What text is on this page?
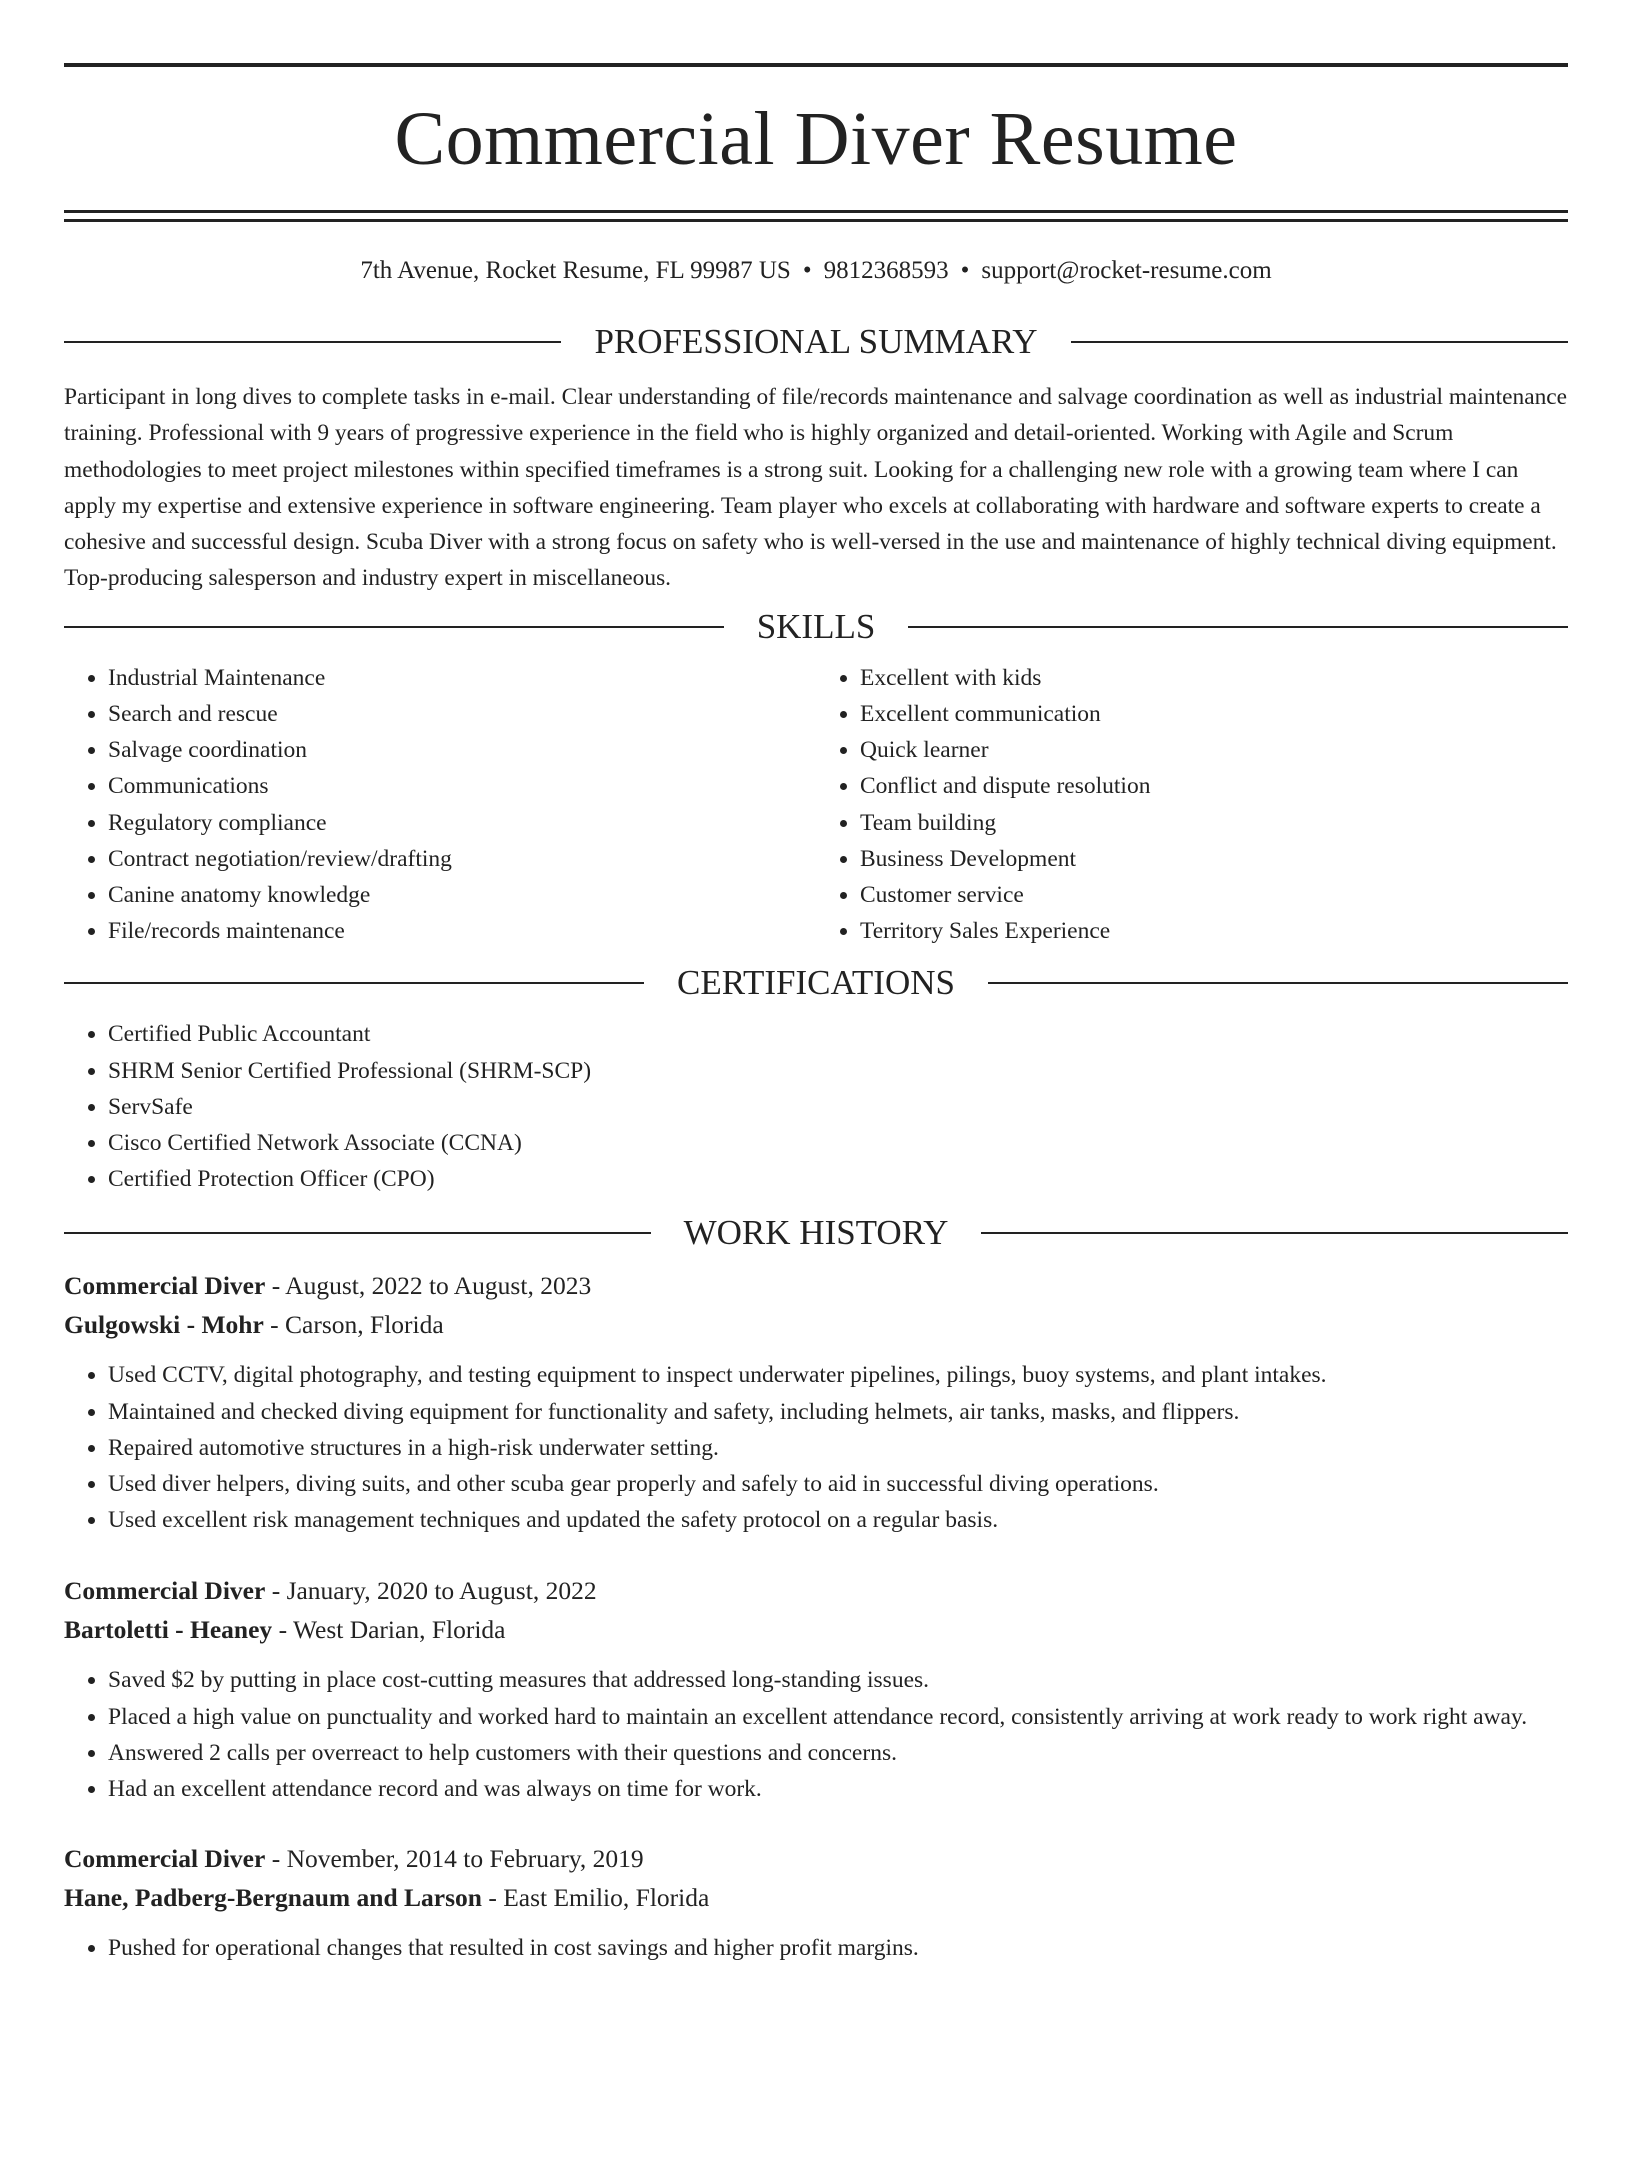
Commercial Diver Resume
7th Avenue, Rocket Resume, FL 99987 US • 9812368593 • support@rocket-resume.com
PROFESSIONAL SUMMARY

Participant in long dives to complete tasks in e-mail. Clear understanding of file/records maintenance and salvage coordination as well as industrial maintenance training. Professional with 9 years of progressive experience in the field who is highly organized and detail-oriented. Working with Agile and Scrum methodologies to meet project milestones within specified timeframes is a strong suit. Looking for a challenging new role with a growing team where I can apply my expertise and extensive experience in software engineering. Team player who excels at collaborating with hardware and software experts to create a cohesive and successful design. Scuba Diver with a strong focus on safety who is well-versed in the use and maintenance of highly technical diving equipment. Top-producing salesperson and industry expert in miscellaneous.

SKILLS
• Industrial Maintenance
• Search and rescue
• Salvage coordination
• Communications
• Regulatory compliance
• Contract negotiation/review/drafting
• Canine anatomy knowledge
• File/records maintenance
• Excellent with kids
• Excellent communication
• Quick learner
• Conflict and dispute resolution
• Team building
• Business Development
• Customer service
• Territory Sales Experience
CERTIFICATIONS
• Certified Public Accountant
• SHRM Senior Certified Professional (SHRM-SCP)
• ServSafe
• Cisco Certified Network Associate (CCNA)
• Certified Protection Officer (CPO)
WORK HISTORY
Commercial Diver - August, 2022 to August, 2023
Gulgowski - Mohr - Carson, Florida
• Used CCTV, digital photography, and testing equipment to inspect underwater pipelines, pilings, buoy systems, and plant intakes.
• Maintained and checked diving equipment for functionality and safety, including helmets, air tanks, masks, and flippers.
• Repaired automotive structures in a high-risk underwater setting.
• Used diver helpers, diving suits, and other scuba gear properly and safely to aid in successful diving operations.
• Used excellent risk management techniques and updated the safety protocol on a regular basis.
Commercial Diver - January, 2020 to August, 2022
Bartoletti - Heaney - West Darian, Florida
• Saved $2 by putting in place cost-cutting measures that addressed long-standing issues.
• Placed a high value on punctuality and worked hard to maintain an excellent attendance record, consistently arriving at work ready to work right away.
• Answered 2 calls per overreact to help customers with their questions and concerns.
• Had an excellent attendance record and was always on time for work.
Commercial Diver - November, 2014 to February, 2019
Hane, Padberg-Bergnaum and Larson - East Emilio, Florida
• Pushed for operational changes that resulted in cost savings and higher profit margins.
